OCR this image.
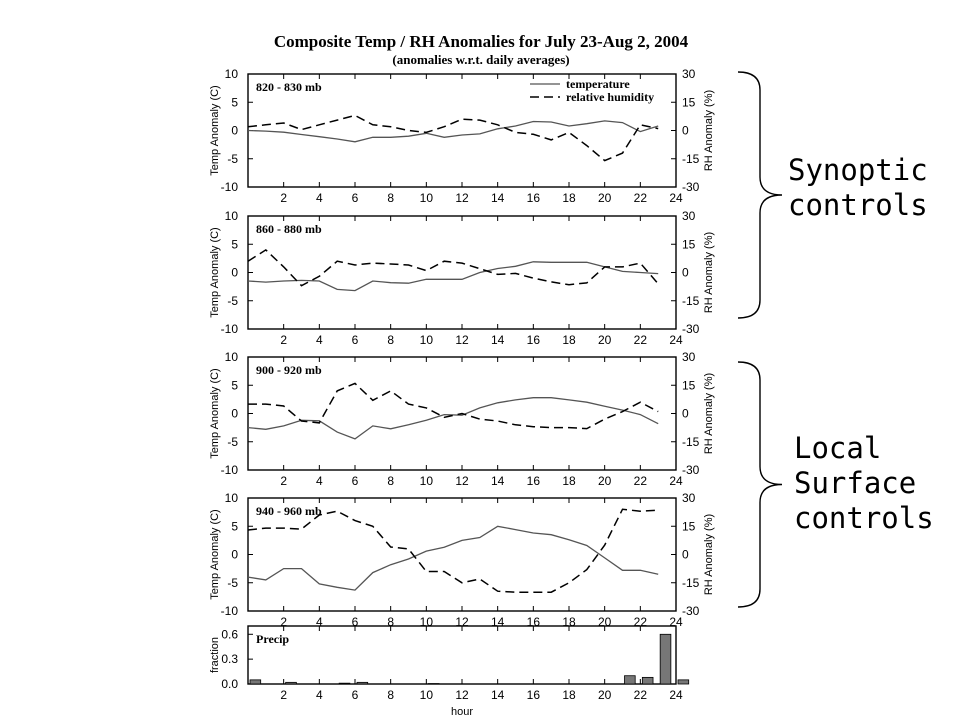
Composite Temp / RH Anomalies for July 23-Aug 2, 2004
(anomalies w.r.t. daily averages)
2 4 6 8 10 12 14 16 18 20 22 24
-10
-5
0
5
10
Temp Anomaly (C)
-30
-15
0
15
30
RH Anomaly (%)
820 - 830 mb	temperature
relative humidity
2 4 6 8 10 12 14 16 18 20 22 24
-10
-5
0
5
10
Temp Anomaly (C)
-30
-15
0
15
30
RH Anomaly (%)
860 - 880 mb
2 4 6 8 10 12 14 16 18 20 22 24
-10
-5
0
5
10
Temp Anomaly (C)
-30
-15
0
15
30
RH Anomaly (%)
900 - 920 mb
2 4 6 8 10 12 14 16 18 20 22 24
-10
-5
0
5
10
Temp Anomaly (C)
-30
-15
0
15
30
RH Anomaly (%)
940 - 960 mb
2 4 6 8 10 12 14 16 18 20 22 24
0.0
0.3
0.6
fraction
hour
Precip
Synoptic
controls
Local
Surface
controls
